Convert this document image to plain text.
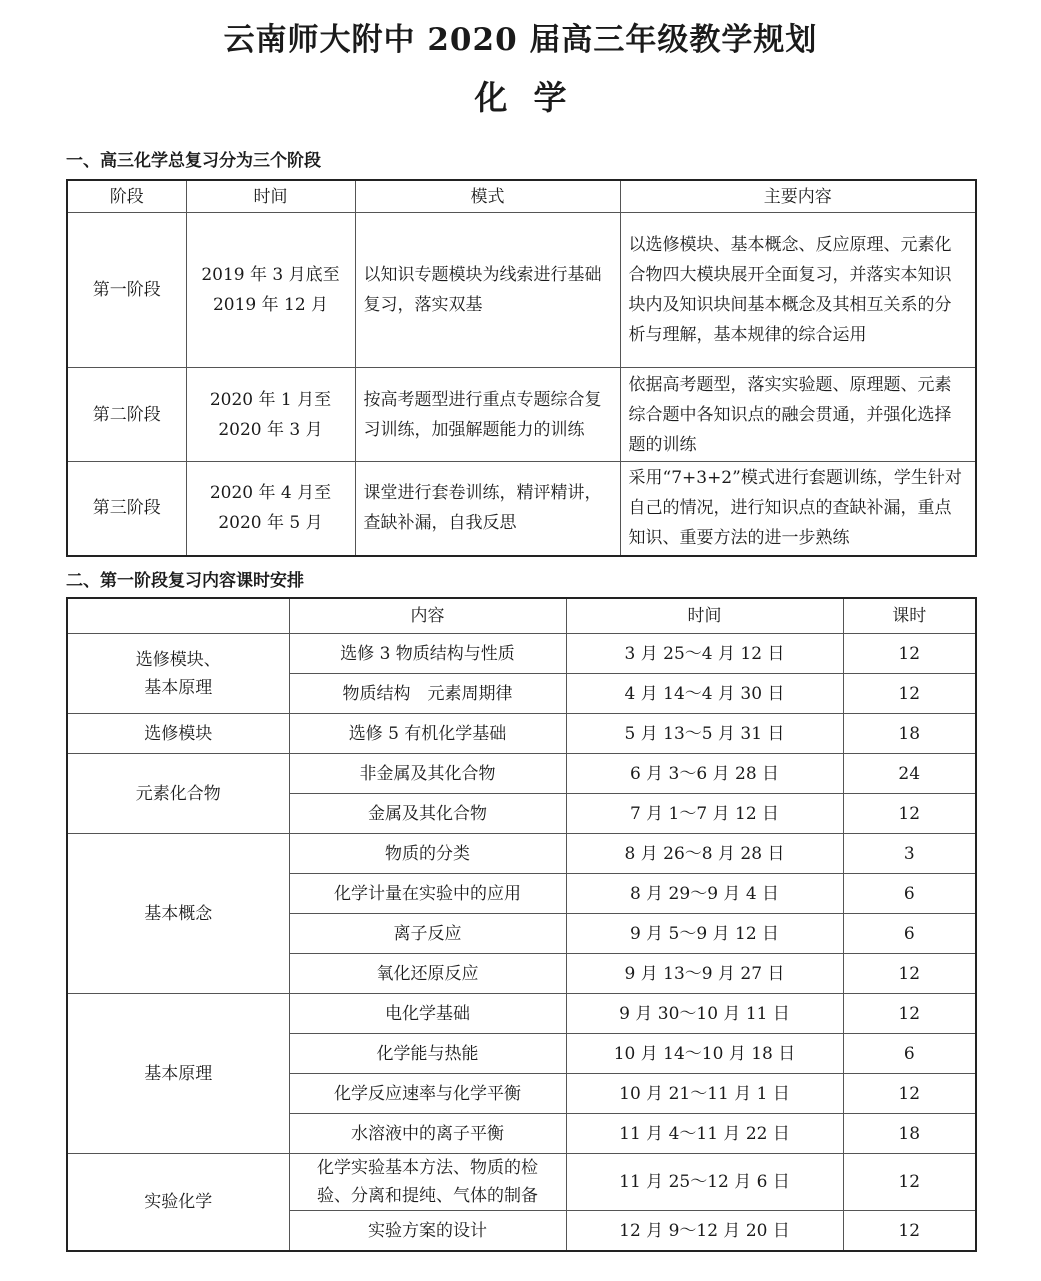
云南师大附中 2020 届高三年级教学规划
化学
一、高三化学总复习分为三个阶段
阶段	时间	模式	主要内容
第一阶段	2019 年 3 月底至
2019 年 12 月	以知识专题模块为线索进行基础复习，落实双基	以选修模块、基本概念、反应原理、元素化合物四大模块展开全面复习，并落实本知识块内及知识块间基本概念及其相互关系的分析与理解，基本规律的综合运用
第二阶段	2020 年 1 月至
2020 年 3 月	按高考题型进行重点专题综合复习训练，加强解题能力的训练	依据高考题型，落实实验题、原理题、元素综合题中各知识点的融会贯通，并强化选择题的训练
第三阶段	2020 年 4 月至
2020 年 5 月	课堂进行套卷训练，精评精讲，查缺补漏，自我反思	采用“7+3+2”模式进行套题训练，学生针对自己的情况，进行知识点的查缺补漏，重点知识、重要方法的进一步熟练
二、第一阶段复习内容课时安排
	内容	时间	课时
选修模块、
基本原理	选修 3 物质结构与性质	3 月 25～4 月 12 日	12
	物质结构　元素周期律	4 月 14～4 月 30 日	12
选修模块	选修 5 有机化学基础	5 月 13～5 月 31 日	18
元素化合物	非金属及其化合物	6 月 3～6 月 28 日	24
	金属及其化合物	7 月 1～7 月 12 日	12
基本概念	物质的分类	8 月 26～8 月 28 日	3
	化学计量在实验中的应用	8 月 29～9 月 4 日	6
	离子反应	9 月 5～9 月 12 日	6
	氧化还原反应	9 月 13～9 月 27 日	12
基本原理	电化学基础	9 月 30～10 月 11 日	12
	化学能与热能	10 月 14～10 月 18 日	6
	化学反应速率与化学平衡	10 月 21～11 月 1 日	12
	水溶液中的离子平衡	11 月 4～11 月 22 日	18
实验化学	化学实验基本方法、物质的检
验、分离和提纯、气体的制备	11 月 25～12 月 6 日	12
	实验方案的设计	12 月 9～12 月 20 日	12
